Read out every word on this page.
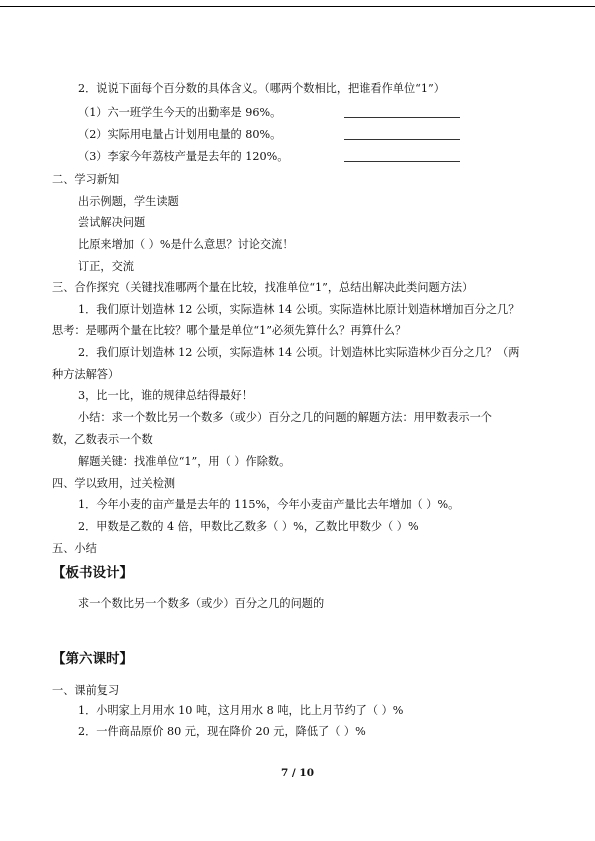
2．说说下面每个百分数的具体含义。（哪两个数相比，把谁看作单位“1”）
（1）六一班学生今天的出勤率是 96%。
（2）实际用电量占计划用电量的 80%。
（3）李家今年荔枝产量是去年的 120%。
二、学习新知
出示例题，学生读题
尝试解决问题
比原来增加（ ）%是什么意思？讨论交流！
订正，交流
三、合作探究（关键找准哪两个量在比较，找准单位“1”，总结出解决此类问题方法）
1．我们原计划造林 12 公顷，实际造林 14 公顷。实际造林比原计划造林增加百分之几？
思考：是哪两个量在比较？哪个量是单位“1”必须先算什么？再算什么？
2．我们原计划造林 12 公顷，实际造林 14 公顷。计划造林比实际造林少百分之几？（两
种方法解答）
3，比一比，谁的规律总结得最好！
小结：求一个数比另一个数多（或少）百分之几的问题的解题方法：用甲数表示一个
数，乙数表示一个数
解题关键：找准单位“1”，用（ ）作除数。
四、学以致用，过关检测
1．今年小麦的亩产量是去年的 115%，今年小麦亩产量比去年增加（ ）%。
2．甲数是乙数的 4 倍，甲数比乙数多（ ）%，乙数比甲数少（ ）%
五、小结
【板书设计】
求一个数比另一个数多（或少）百分之几的问题的
【第六课时】
一、课前复习
1．小明家上月用水 10 吨，这月用水 8 吨，比上月节约了（ ）%
2．一件商品原价 80 元，现在降价 20 元，降低了（ ）%
7 / 10
